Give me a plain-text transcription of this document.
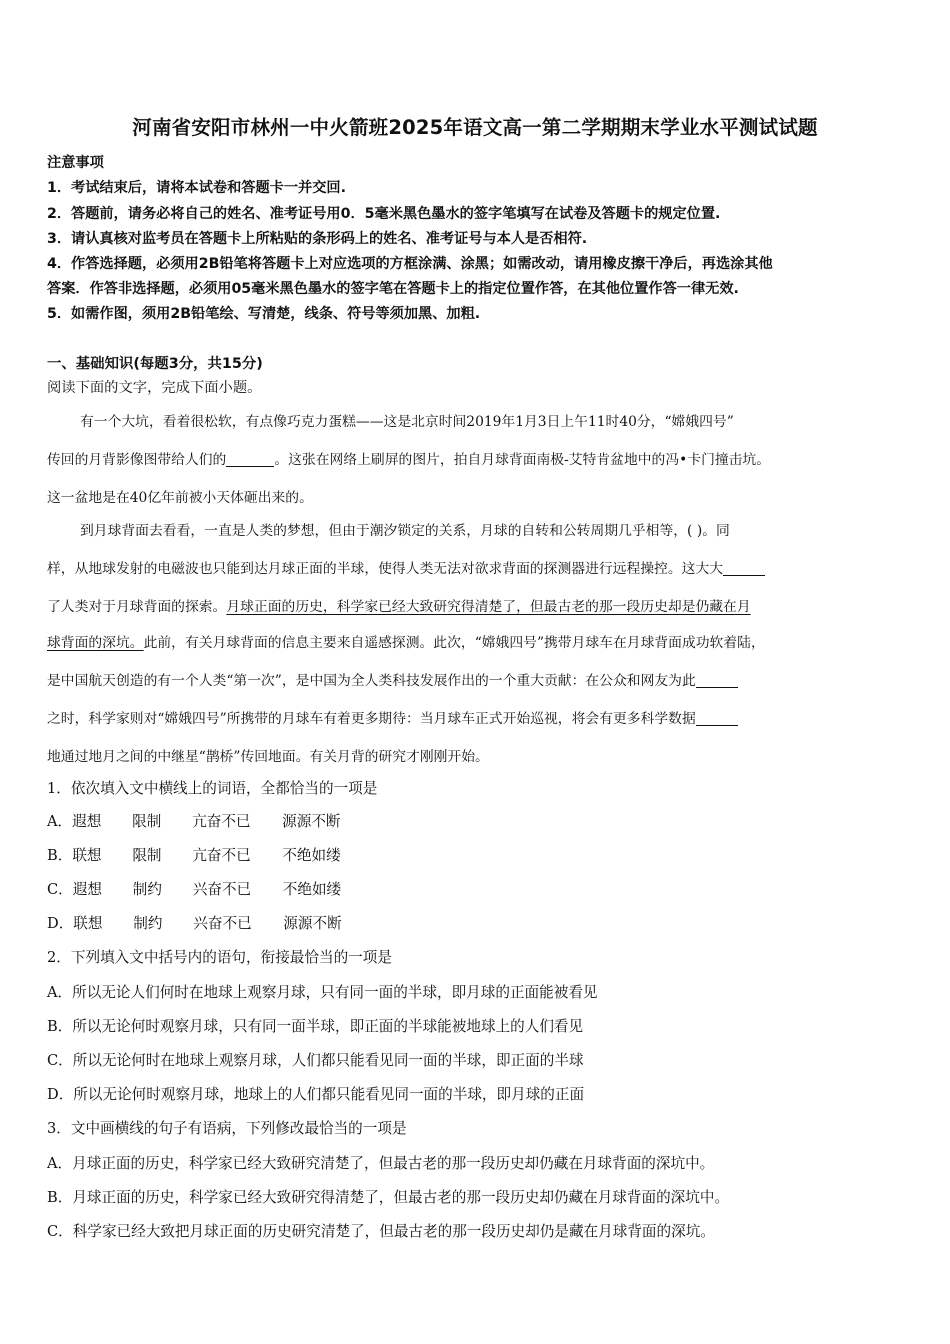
河南省安阳市林州一中火箭班2025年语文高一第二学期期末学业水平测试试题
注意事项
1．考试结束后，请将本试卷和答题卡一并交回.
2．答题前，请务必将自己的姓名、准考证号用0．5毫米黑色墨水的签字笔填写在试卷及答题卡的规定位置.
3．请认真核对监考员在答题卡上所粘贴的条形码上的姓名、准考证号与本人是否相符.
4．作答选择题，必须用2B铅笔将答题卡上对应选项的方框涂满、涂黑；如需改动，请用橡皮擦干净后，再选涂其他
答案．作答非选择题，必须用05毫米黑色墨水的签字笔在答题卡上的指定位置作答，在其他位置作答一律无效.
5．如需作图，须用2B铅笔绘、写清楚，线条、符号等须加黑、加粗.
一、基础知识(每题3分，共15分)
阅读下面的文字，完成下面小题。
有一个大坑，看着很松软，有点像巧克力蛋糕——这是北京时间2019年1月3日上午11时40分，“嫦娥四号”
传回的月背影像图带给人们的	。这张在网络上刷屏的图片，拍自月球背面南极-艾特肯盆地中的冯•卡门撞击坑。
这一盆地是在40亿年前被小天体砸出来的。
到月球背面去看看，一直是人类的梦想，但由于潮汐锁定的关系，月球的自转和公转周期几乎相等，( )。同
样，从地球发射的电磁波也只能到达月球正面的半球，使得人类无法对欲求背面的探测器进行远程操控。这大大
了人类对于月球背面的探索。月球正面的历史，科学家已经大致研究得清楚了，但最古老的那一段历史却是仍藏在月
球背面的深坑。此前，有关月球背面的信息主要来自遥感探测。此次，“嫦娥四号”携带月球车在月球背面成功软着陆，
是中国航天创造的有一个人类“第一次”，是中国为全人类科技发展作出的一个重大贡献：在公众和网友为此
之时，科学家则对“嫦娥四号”所携带的月球车有着更多期待：当月球车正式开始巡视，将会有更多科学数据
地通过地月之间的中继星“鹊桥”传回地面。有关月背的研究才刚刚开始。
1．依次填入文中横线上的词语，全都恰当的一项是
A．遐想 限制 亢奋不已 源源不断
B．联想 限制 亢奋不已 不绝如缕
C．遐想 制约 兴奋不已 不绝如缕
D．联想 制约 兴奋不已 源源不断
2．下列填入文中括号内的语句，衔接最恰当的一项是
A．所以无论人们何时在地球上观察月球，只有同一面的半球，即月球的正面能被看见
B．所以无论何时观察月球，只有同一面半球，即正面的半球能被地球上的人们看见
C．所以无论何时在地球上观察月球，人们都只能看见同一面的半球，即正面的半球
D．所以无论何时观察月球，地球上的人们都只能看见同一面的半球，即月球的正面
3．文中画横线的句子有语病，下列修改最恰当的一项是
A．月球正面的历史，科学家已经大致研究清楚了，但最古老的那一段历史却仍藏在月球背面的深坑中。
B．月球正面的历史，科学家已经大致研究得清楚了，但最古老的那一段历史却仍藏在月球背面的深坑中。
C．科学家已经大致把月球正面的历史研究清楚了，但最古老的那一段历史却仍是藏在月球背面的深坑。
